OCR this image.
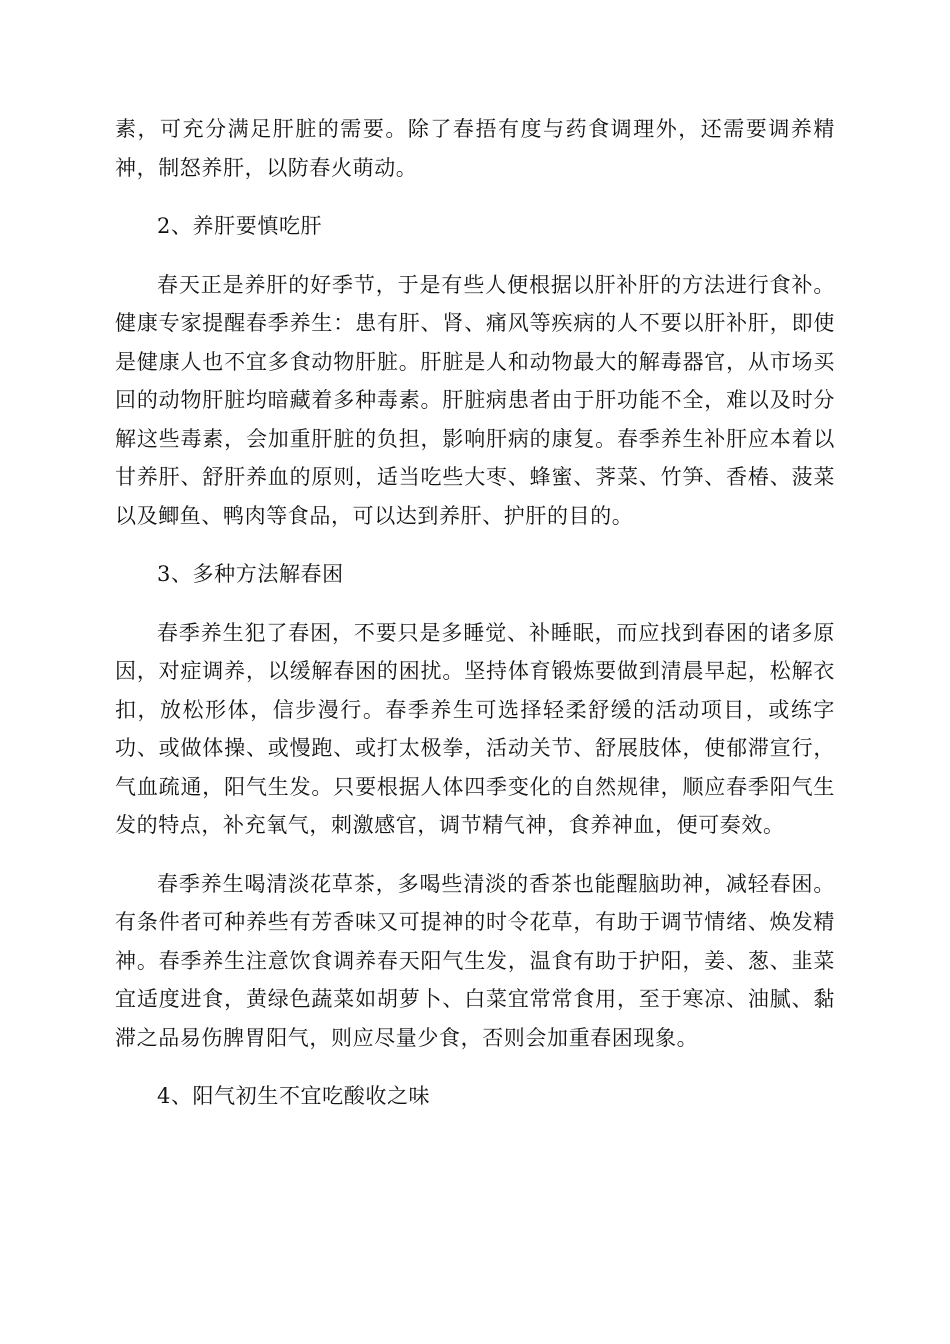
素，可充分满足肝脏的需要。除了春捂有度与药食调理外，还需要调养精神，制怒养肝，以防春火萌动。

2、养肝要慎吃肝

春天正是养肝的好季节，于是有些人便根据以肝补肝的方法进行食补。健康专家提醒春季养生：患有肝、肾、痛风等疾病的人不要以肝补肝，即使是健康人也不宜多食动物肝脏。肝脏是人和动物最大的解毒器官，从市场买回的动物肝脏均暗藏着多种毒素。肝脏病患者由于肝功能不全，难以及时分解这些毒素，会加重肝脏的负担，影响肝病的康复。春季养生补肝应本着以甘养肝、舒肝养血的原则，适当吃些大枣、蜂蜜、荠菜、竹笋、香椿、菠菜以及鲫鱼、鸭肉等食品，可以达到养肝、护肝的目的。

3、多种方法解春困

春季养生犯了春困，不要只是多睡觉、补睡眠，而应找到春困的诸多原因，对症调养，以缓解春困的困扰。坚持体育锻炼要做到清晨早起，松解衣扣，放松形体，信步漫行。春季养生可选择轻柔舒缓的活动项目，或练字功、或做体操、或慢跑、或打太极拳，活动关节、舒展肢体，使郁滞宣行，气血疏通，阳气生发。只要根据人体四季变化的自然规律，顺应春季阳气生发的特点，补充氧气，刺激感官，调节精气神，食养神血，便可奏效。

春季养生喝清淡花草茶，多喝些清淡的香茶也能醒脑助神，减轻春困。有条件者可种养些有芳香味又可提神的时令花草，有助于调节情绪、焕发精神。春季养生注意饮食调养春天阳气生发，温食有助于护阳，姜、葱、韭菜宜适度进食，黄绿色蔬菜如胡萝卜、白菜宜常常食用，至于寒凉、油腻、黏滞之品易伤脾胃阳气，则应尽量少食，否则会加重春困现象。

4、阳气初生不宜吃酸收之味
